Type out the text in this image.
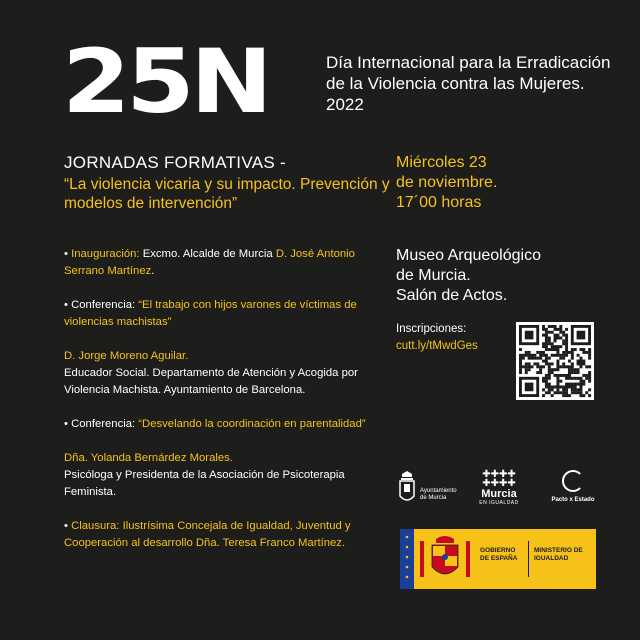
25N	Día Internacional para la Erradicación de la Violencia contra las Mujeres. 2022
JORNADAS FORMATIVAS -
“La violencia vicaria y su impacto. Prevención y modelos de intervención”
Miércoles 23
de noviembre.
17´00 horas
Museo Arqueológico
de Murcia.
Salón de Actos.
Inscripciones:
cutt.ly/tMwdGes

• Inauguración: Excmo. Alcalde de Murcia D. José Antonio Serrano Martínez.

• Conferencia: “El trabajo con hijos varones de víctimas de violencias machistas”

D. Jorge Moreno Aguilar.

Educador Social. Departamento de Atención y Acogida por Violencia Machista. Ayuntamiento de Barcelona.

• Conferencia: “Desvelando la coordinación en parentalidad”

Dña. Yolanda Bernárdez Morales.

Psicóloga y Presidenta de la Asociación de Psicoterapia Feminista.

• Clausura: Ilustrísima Concejala de Igualdad, Juventud y Cooperación al desarrollo Dña. Teresa Franco Martínez.

Ayuntamiento
de Murcia
✚✚✚✚ ✚✚✚✚
Murcia
EN IGUALDAD	Pacto x Estado
GOBIERNO DE ESPAÑA
MINISTERIO DE IGUALDAD
